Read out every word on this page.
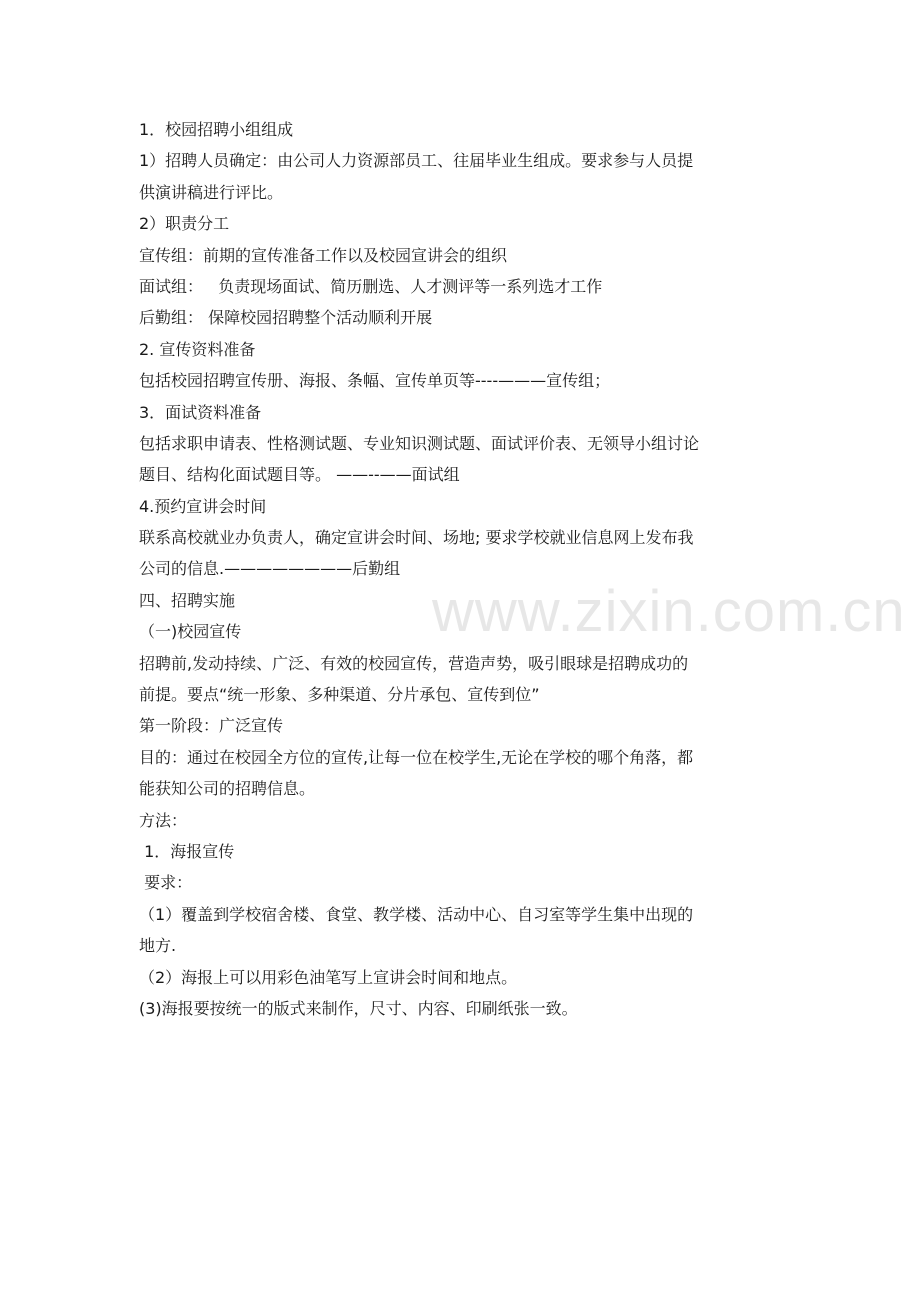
1．校园招聘小组组成
1）招聘人员确定：由公司人力资源部员工、往届毕业生组成。要求参与人员提
供演讲稿进行评比。
2）职责分工
宣传组：前期的宣传准备工作以及校园宣讲会的组织
面试组：   负责现场面试、简历删选、人才测评等一系列选才工作
后勤组： 保障校园招聘整个活动顺利开展
2. 宣传资料准备
包括校园招聘宣传册、海报、条幅、宣传单页等----———宣传组；
3．面试资料准备
包括求职申请表、性格测试题、专业知识测试题、面试评价表、无领导小组讨论
题目、结构化面试题目等。 ——--——面试组
4.预约宣讲会时间
联系高校就业办负责人，确定宣讲会时间、场地; 要求学校就业信息网上发布我
公司的信息.————————后勤组
四、招聘实施
（一)校园宣传
招聘前,发动持续、广泛、有效的校园宣传，营造声势，吸引眼球是招聘成功的
前提。要点“统一形象、多种渠道、分片承包、宣传到位”
第一阶段：广泛宣传
目的：通过在校园全方位的宣传,让每一位在校学生,无论在学校的哪个角落，都
能获知公司的招聘信息。
方法：
1．海报宣传
要求：
（1）覆盖到学校宿舍楼、食堂、教学楼、活动中心、自习室等学生集中出现的
地方.
（2）海报上可以用彩色油笔写上宣讲会时间和地点。
(3)海报要按统一的版式来制作，尺寸、内容、印刷纸张一致。
www.zixin.com.cn
